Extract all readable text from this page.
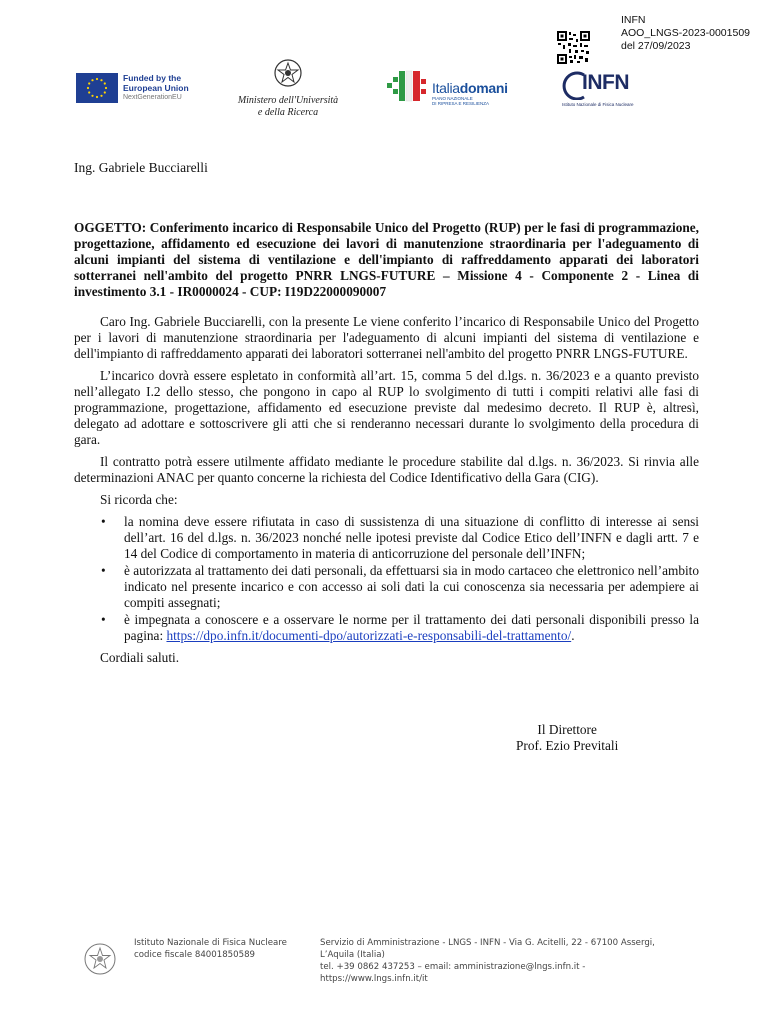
INFN
AOO_LNGS-2023-0001509
del 27/09/2023
Funded by the
European Union
NextGenerationEU	Ministero dell'Università
e della Ricerca
Italiadomani
PIANO NAZIONALE
DI RIPRESA E RESILIENZA
INFN
Istituto Nazionale di Fisica Nucleare
Ing. Gabriele Bucciarelli
OGGETTO: Conferimento incarico di Responsabile Unico del Progetto (RUP) per le fasi di programmazione, progettazione, affidamento ed esecuzione dei lavori di manutenzione straordinaria per l'adeguamento di alcuni impianti del sistema di ventilazione e dell'impianto di raffreddamento apparati dei laboratori sotterranei nell'ambito del progetto PNRR LNGS-FUTURE – Missione 4 - Componente 2 - Linea di investimento 3.1 - IR0000024 - CUP: I19D22000090007

Caro Ing. Gabriele Bucciarelli, con la presente Le viene conferito l’incarico di Responsabile Unico del Progetto per i lavori di manutenzione straordinaria per l'adeguamento di alcuni impianti del sistema di ventilazione e dell'impianto di raffreddamento apparati dei laboratori sotterranei nell'ambito del progetto PNRR LNGS-FUTURE.

L’incarico dovrà essere espletato in conformità all’art. 15, comma 5 del d.lgs. n. 36/2023 e a quanto previsto nell’allegato I.2 dello stesso, che pongono in capo al RUP lo svolgimento di tutti i compiti relativi alle fasi di programmazione, progettazione, affidamento ed esecuzione previste dal medesimo decreto. Il RUP è, altresì, delegato ad adottare e sottoscrivere gli atti che si renderanno necessari durante lo svolgimento della procedura di gara.

Il contratto potrà essere utilmente affidato mediante le procedure stabilite dal d.lgs. n. 36/2023. Si rinvia alle determinazioni ANAC per quanto concerne la richiesta del Codice Identificativo della Gara (CIG).

Si ricorda che:

• la nomina deve essere rifiutata in caso di sussistenza di una situazione di conflitto di interesse ai sensi dell’art. 16 del d.lgs. n. 36/2023 nonché nelle ipotesi previste dal Codice Etico dell’INFN e dagli artt. 7 e 14 del Codice di comportamento in materia di anticorruzione del personale dell’INFN;
• è autorizzata al trattamento dei dati personali, da effettuarsi sia in modo cartaceo che elettronico nell’ambito indicato nel presente incarico e con accesso ai soli dati la cui conoscenza sia necessaria per adempiere ai compiti assegnati;
• è impegnata a conoscere e a osservare le norme per il trattamento dei dati personali disponibili presso la pagina: https://dpo.infn.it/documenti-dpo/autorizzati-e-responsabili-del-trattamento/.

Cordiali saluti.

Il Direttore
Prof. Ezio Previtali
Istituto Nazionale di Fisica Nucleare
codice fiscale 84001850589
Servizio di Amministrazione - LNGS - INFN - Via G. Acitelli, 22 - 67100 Assergi,
L’Aquila (Italia)
tel. +39 0862 437253 – email: amministrazione@lngs.infn.it -
https://www.lngs.infn.it/it
